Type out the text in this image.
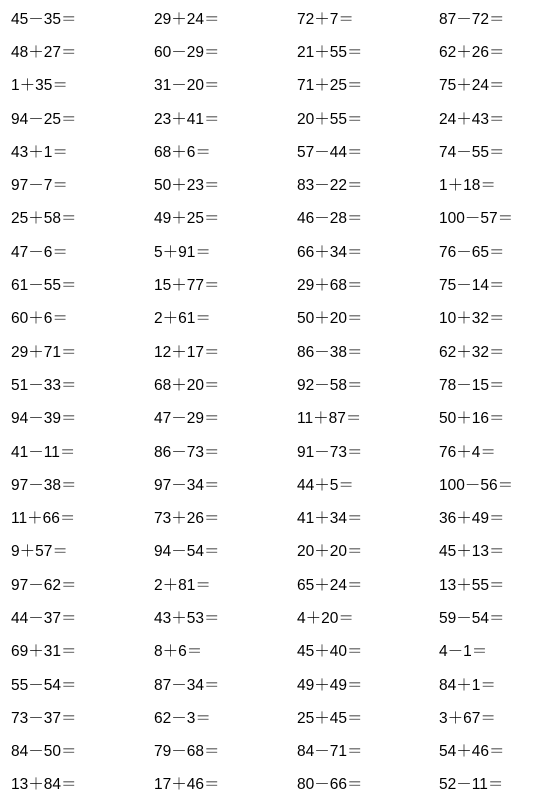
45－35＝	29＋24＝	72＋7＝	87－72＝
48＋27＝	60－29＝	21＋55＝	62＋26＝
1＋35＝	31－20＝	71＋25＝	75＋24＝
94－25＝	23＋41＝	20＋55＝	24＋43＝
43＋1＝	68＋6＝	57－44＝	74－55＝
97－7＝	50＋23＝	83－22＝	1＋18＝
25＋58＝	49＋25＝	46－28＝	100－57＝
47－6＝	5＋91＝	66＋34＝	76－65＝
61－55＝	15＋77＝	29＋68＝	75－14＝
60＋6＝	2＋61＝	50＋20＝	10＋32＝
29＋71＝	12＋17＝	86－38＝	62＋32＝
51－33＝	68＋20＝	92－58＝	78－15＝
94－39＝	47－29＝	11＋87＝	50＋16＝
41－11＝	86－73＝	91－73＝	76＋4＝
97－38＝	97－34＝	44＋5＝	100－56＝
11＋66＝	73＋26＝	41＋34＝	36＋49＝
9＋57＝	94－54＝	20＋20＝	45＋13＝
97－62＝	2＋81＝	65＋24＝	13＋55＝
44－37＝	43＋53＝	4＋20＝	59－54＝
69＋31＝	8＋6＝	45＋40＝	4－1＝
55－54＝	87－34＝	49＋49＝	84＋1＝
73－37＝	62－3＝	25＋45＝	3＋67＝
84－50＝	79－68＝	84－71＝	54＋46＝
13＋84＝	17＋46＝	80－66＝	52－11＝
